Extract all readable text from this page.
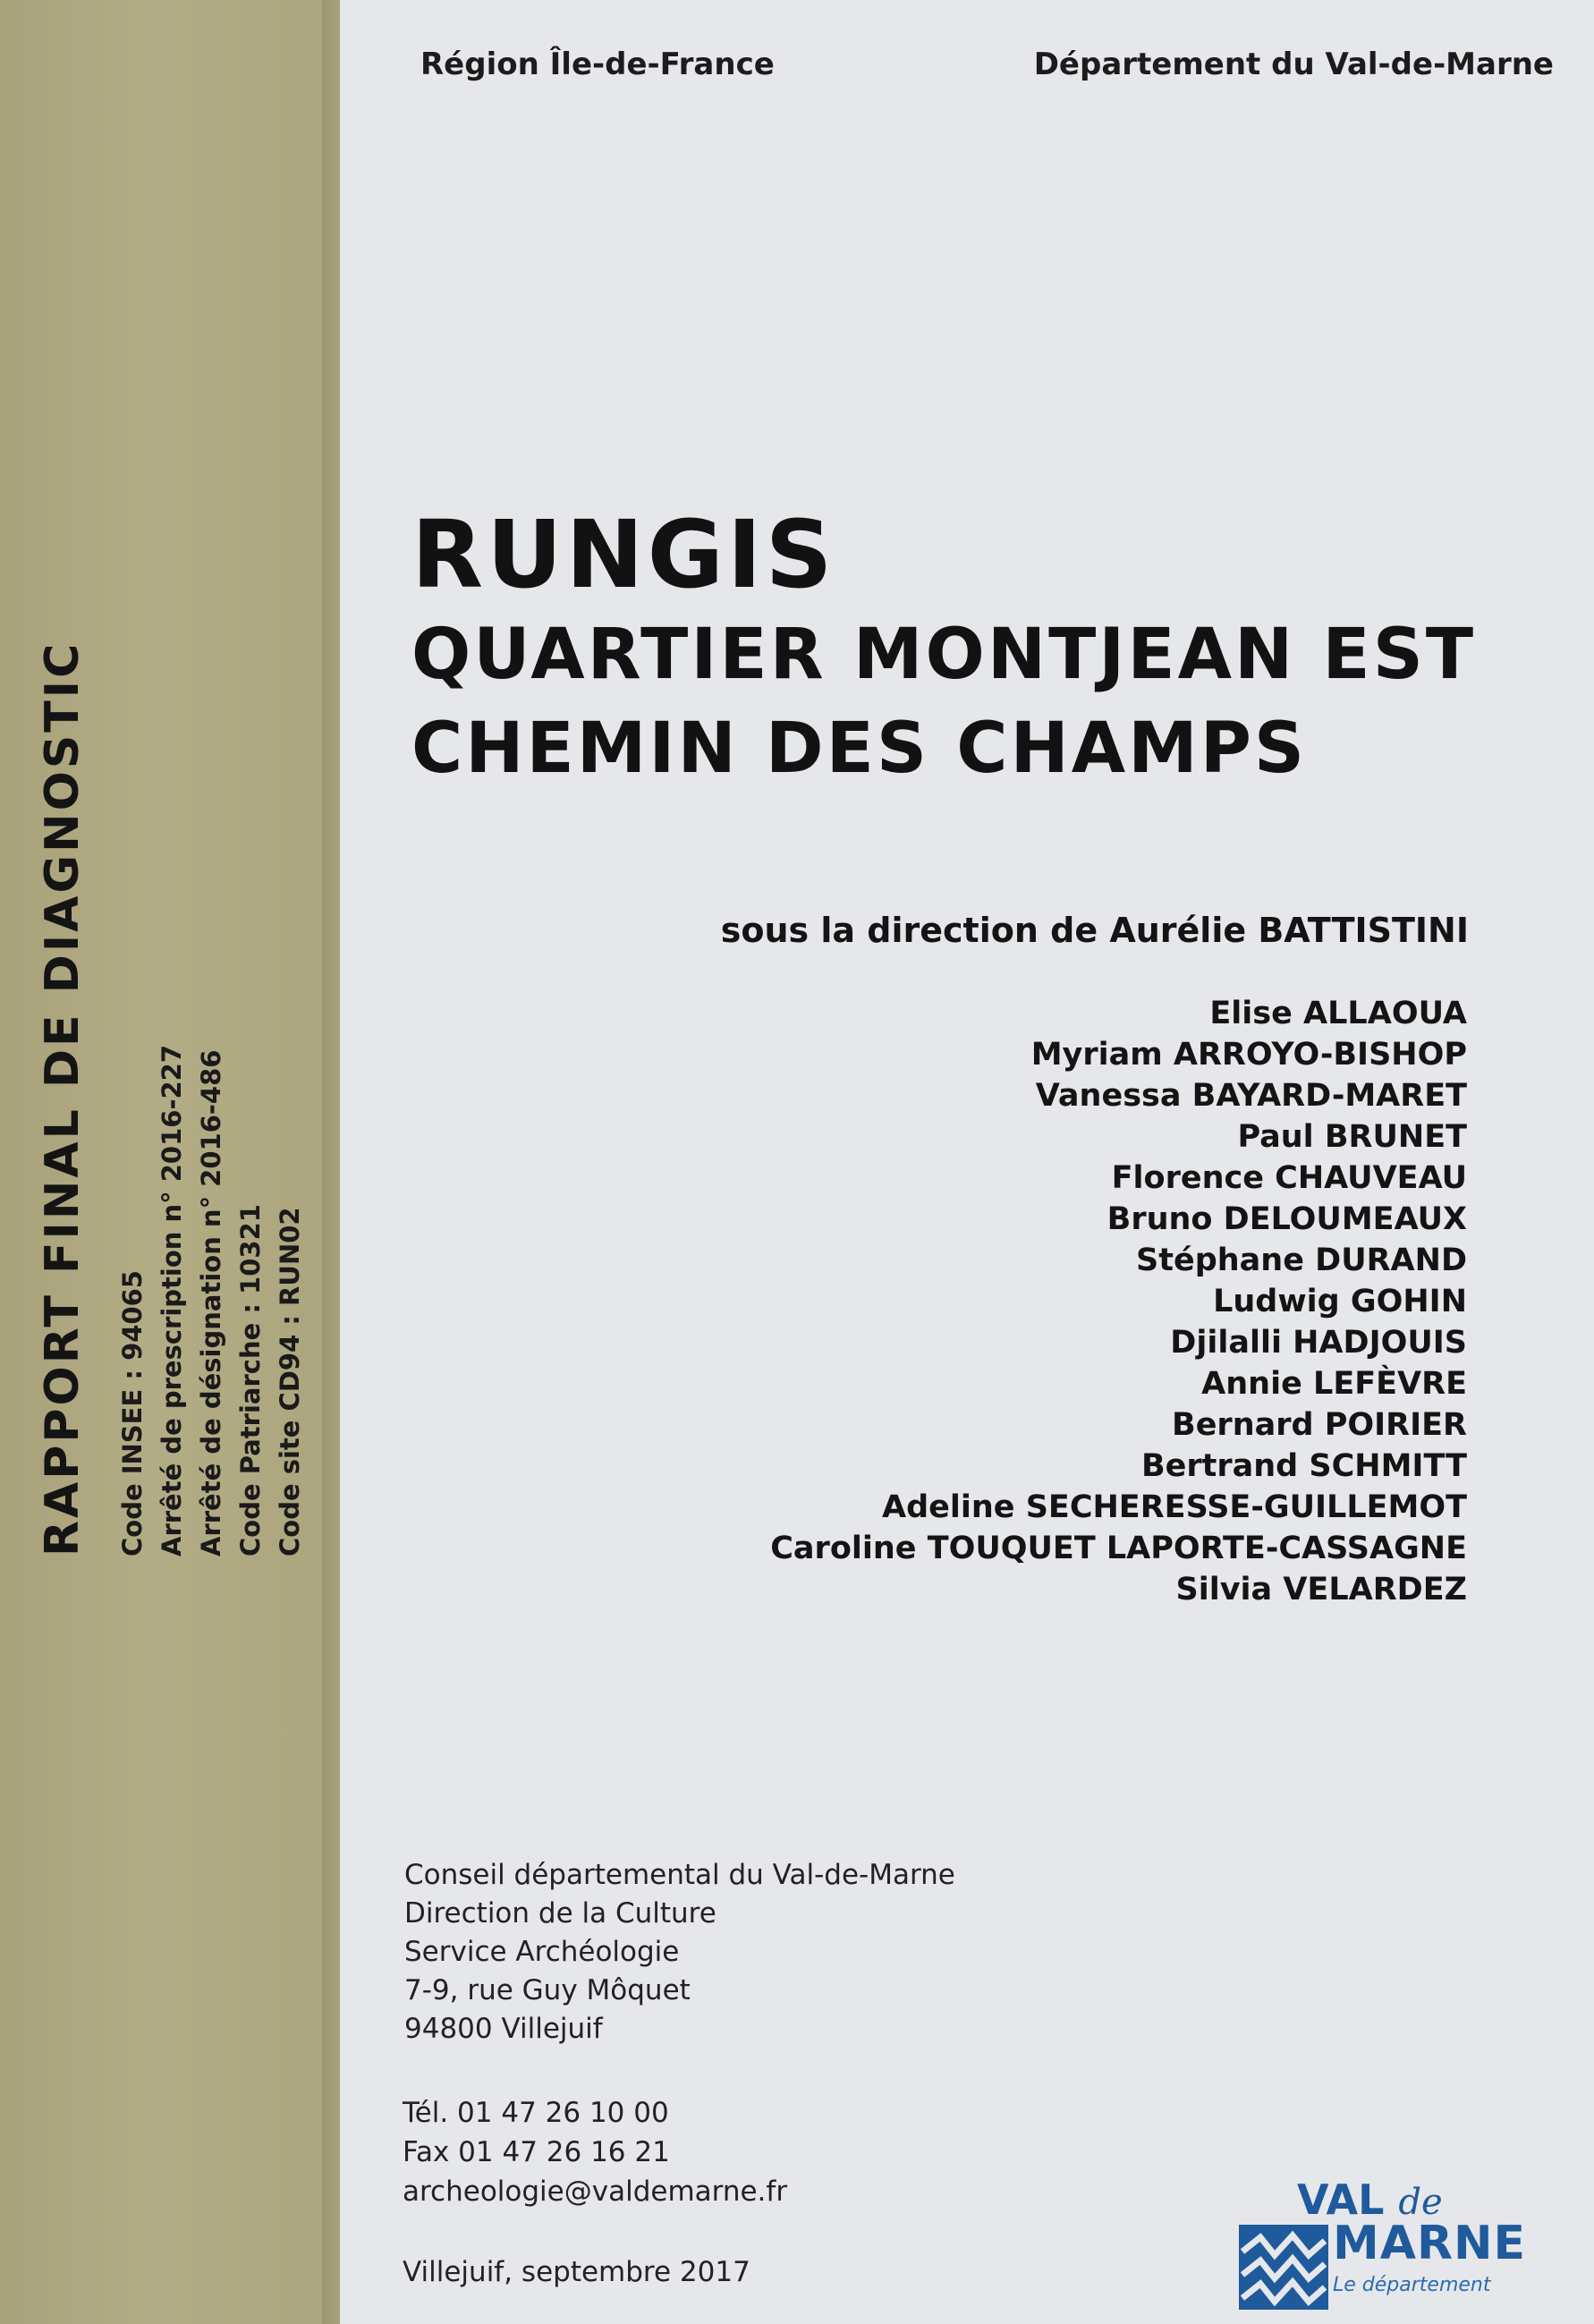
RAPPORT FINAL DE DIAGNOSTIC	Code INSEE : 94065 Arrêté de prescription n° 2016-227 Arrêté de désignation n° 2016-486 Code Patriarche : 10321 Code site CD94 : RUN02
Région Île-de-France	Département du Val-de-Marne
RUNGIS
QUARTIER MONTJEAN EST
CHEMIN DES CHAMPS
sous la direction de Aurélie BATTISTINI
Elise ALLAOUA
Myriam ARROYO-BISHOP
Vanessa BAYARD-MARET
Paul BRUNET
Florence CHAUVEAU
Bruno DELOUMEAUX
Stéphane DURAND
Ludwig GOHIN
Djilalli HADJOUIS
Annie LEFÈVRE
Bernard POIRIER
Bertrand SCHMITT
Adeline SECHERESSE-GUILLEMOT
Caroline TOUQUET LAPORTE-CASSAGNE
Silvia VELARDEZ
Conseil départemental du Val-de-Marne
Direction de la Culture
Service Archéologie
7-9, rue Guy Môquet
94800 Villejuif
Tél. 01 47 26 10 00
Fax 01 47 26 16 21
archeologie@valdemarne.fr
Villejuif, septembre 2017
VAL de
MARNE
Le département
